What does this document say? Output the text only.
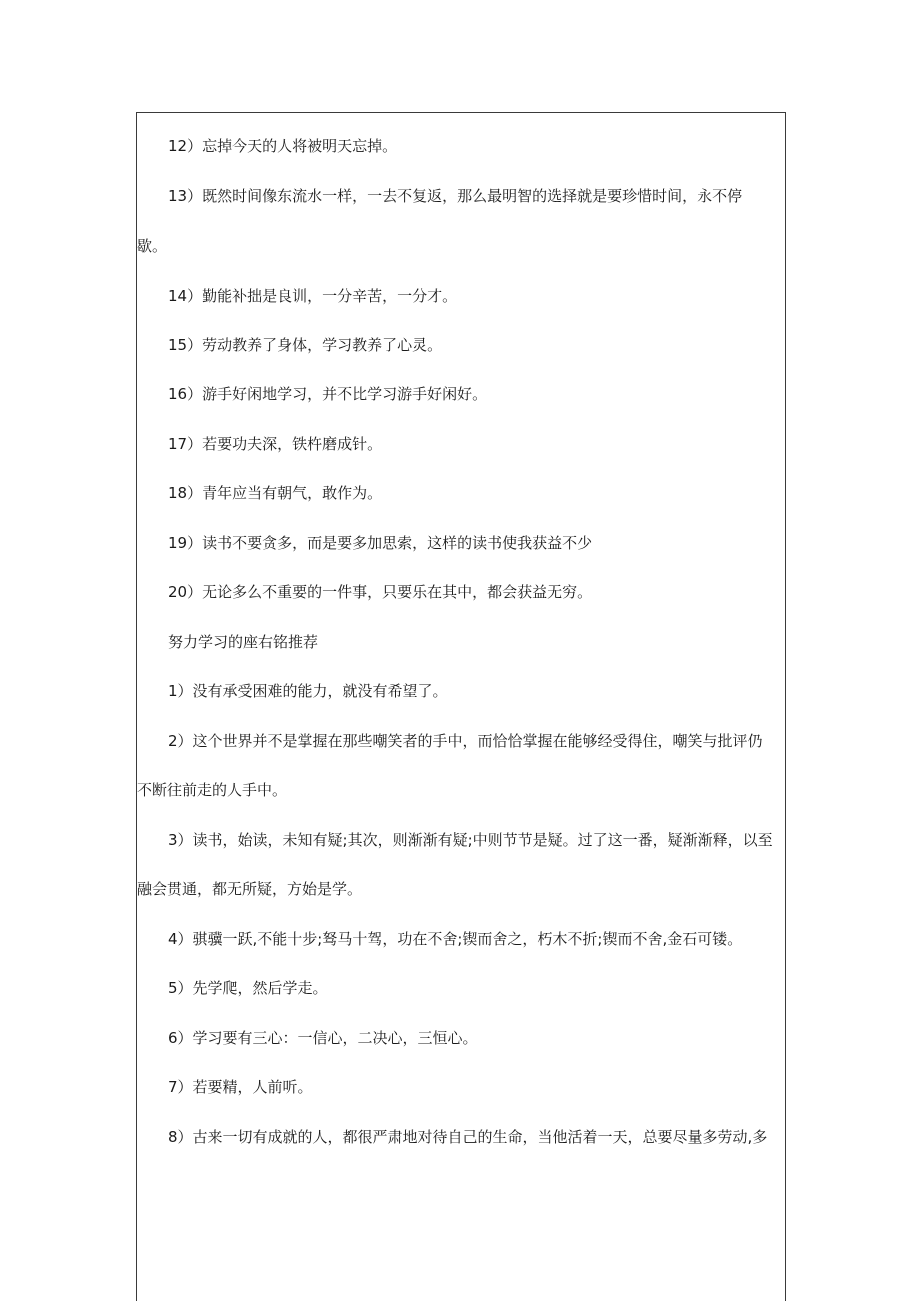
12）忘掉今天的人将被明天忘掉。
13）既然时间像东流水一样，一去不复返，那么最明智的选择就是要珍惜时间，永不停
歇。
14）勤能补拙是良训，一分辛苦，一分才。
15）劳动教养了身体，学习教养了心灵。
16）游手好闲地学习，并不比学习游手好闲好。
17）若要功夫深，铁杵磨成针。
18）青年应当有朝气，敢作为。
19）读书不要贪多，而是要多加思索，这样的读书使我获益不少
20）无论多么不重要的一件事，只要乐在其中，都会获益无穷。
努力学习的座右铭推荐
1）没有承受困难的能力，就没有希望了。
2）这个世界并不是掌握在那些嘲笑者的手中，而恰恰掌握在能够经受得住，嘲笑与批评仍
不断往前走的人手中。
3）读书，始读，未知有疑;其次，则渐渐有疑;中则节节是疑。过了这一番，疑渐渐释，以至
融会贯通，都无所疑，方始是学。
4）骐骥一跃,不能十步;驽马十驾，功在不舍;锲而舍之，朽木不折;锲而不舍,金石可镂。
5）先学爬，然后学走。
6）学习要有三心：一信心，二决心，三恒心。
7）若要精，人前听。
8）古来一切有成就的人，都很严肃地对待自己的生命，当他活着一天，总要尽量多劳动,多
